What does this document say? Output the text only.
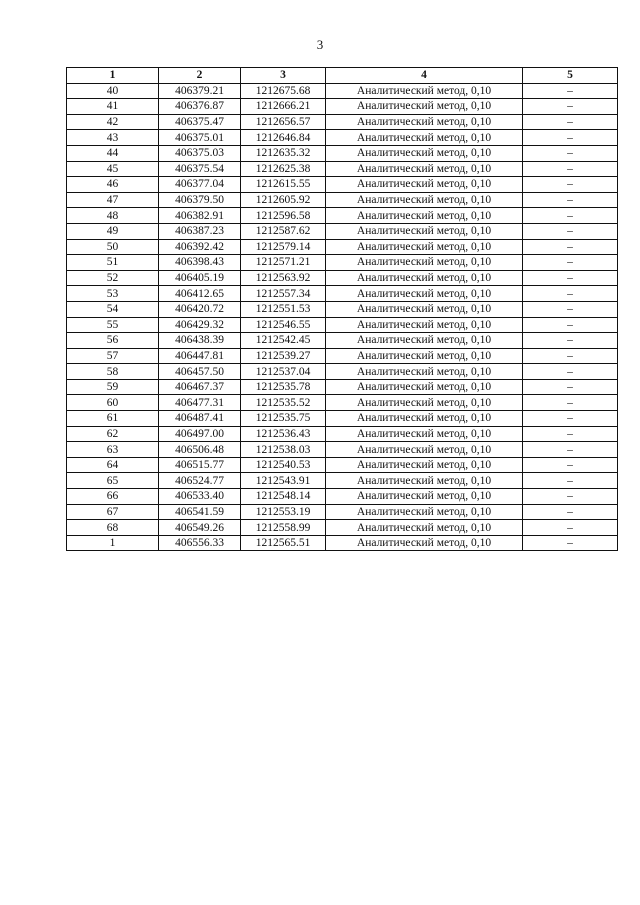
3
1	2	3	4	5
40	406379.21	1212675.68	Аналитический метод, 0,10	–
41	406376.87	1212666.21	Аналитический метод, 0,10	–
42	406375.47	1212656.57	Аналитический метод, 0,10	–
43	406375.01	1212646.84	Аналитический метод, 0,10	–
44	406375.03	1212635.32	Аналитический метод, 0,10	–
45	406375.54	1212625.38	Аналитический метод, 0,10	–
46	406377.04	1212615.55	Аналитический метод, 0,10	–
47	406379.50	1212605.92	Аналитический метод, 0,10	–
48	406382.91	1212596.58	Аналитический метод, 0,10	–
49	406387.23	1212587.62	Аналитический метод, 0,10	–
50	406392.42	1212579.14	Аналитический метод, 0,10	–
51	406398.43	1212571.21	Аналитический метод, 0,10	–
52	406405.19	1212563.92	Аналитический метод, 0,10	–
53	406412.65	1212557.34	Аналитический метод, 0,10	–
54	406420.72	1212551.53	Аналитический метод, 0,10	–
55	406429.32	1212546.55	Аналитический метод, 0,10	–
56	406438.39	1212542.45	Аналитический метод, 0,10	–
57	406447.81	1212539.27	Аналитический метод, 0,10	–
58	406457.50	1212537.04	Аналитический метод, 0,10	–
59	406467.37	1212535.78	Аналитический метод, 0,10	–
60	406477.31	1212535.52	Аналитический метод, 0,10	–
61	406487.41	1212535.75	Аналитический метод, 0,10	–
62	406497.00	1212536.43	Аналитический метод, 0,10	–
63	406506.48	1212538.03	Аналитический метод, 0,10	–
64	406515.77	1212540.53	Аналитический метод, 0,10	–
65	406524.77	1212543.91	Аналитический метод, 0,10	–
66	406533.40	1212548.14	Аналитический метод, 0,10	–
67	406541.59	1212553.19	Аналитический метод, 0,10	–
68	406549.26	1212558.99	Аналитический метод, 0,10	–
1	406556.33	1212565.51	Аналитический метод, 0,10	–
